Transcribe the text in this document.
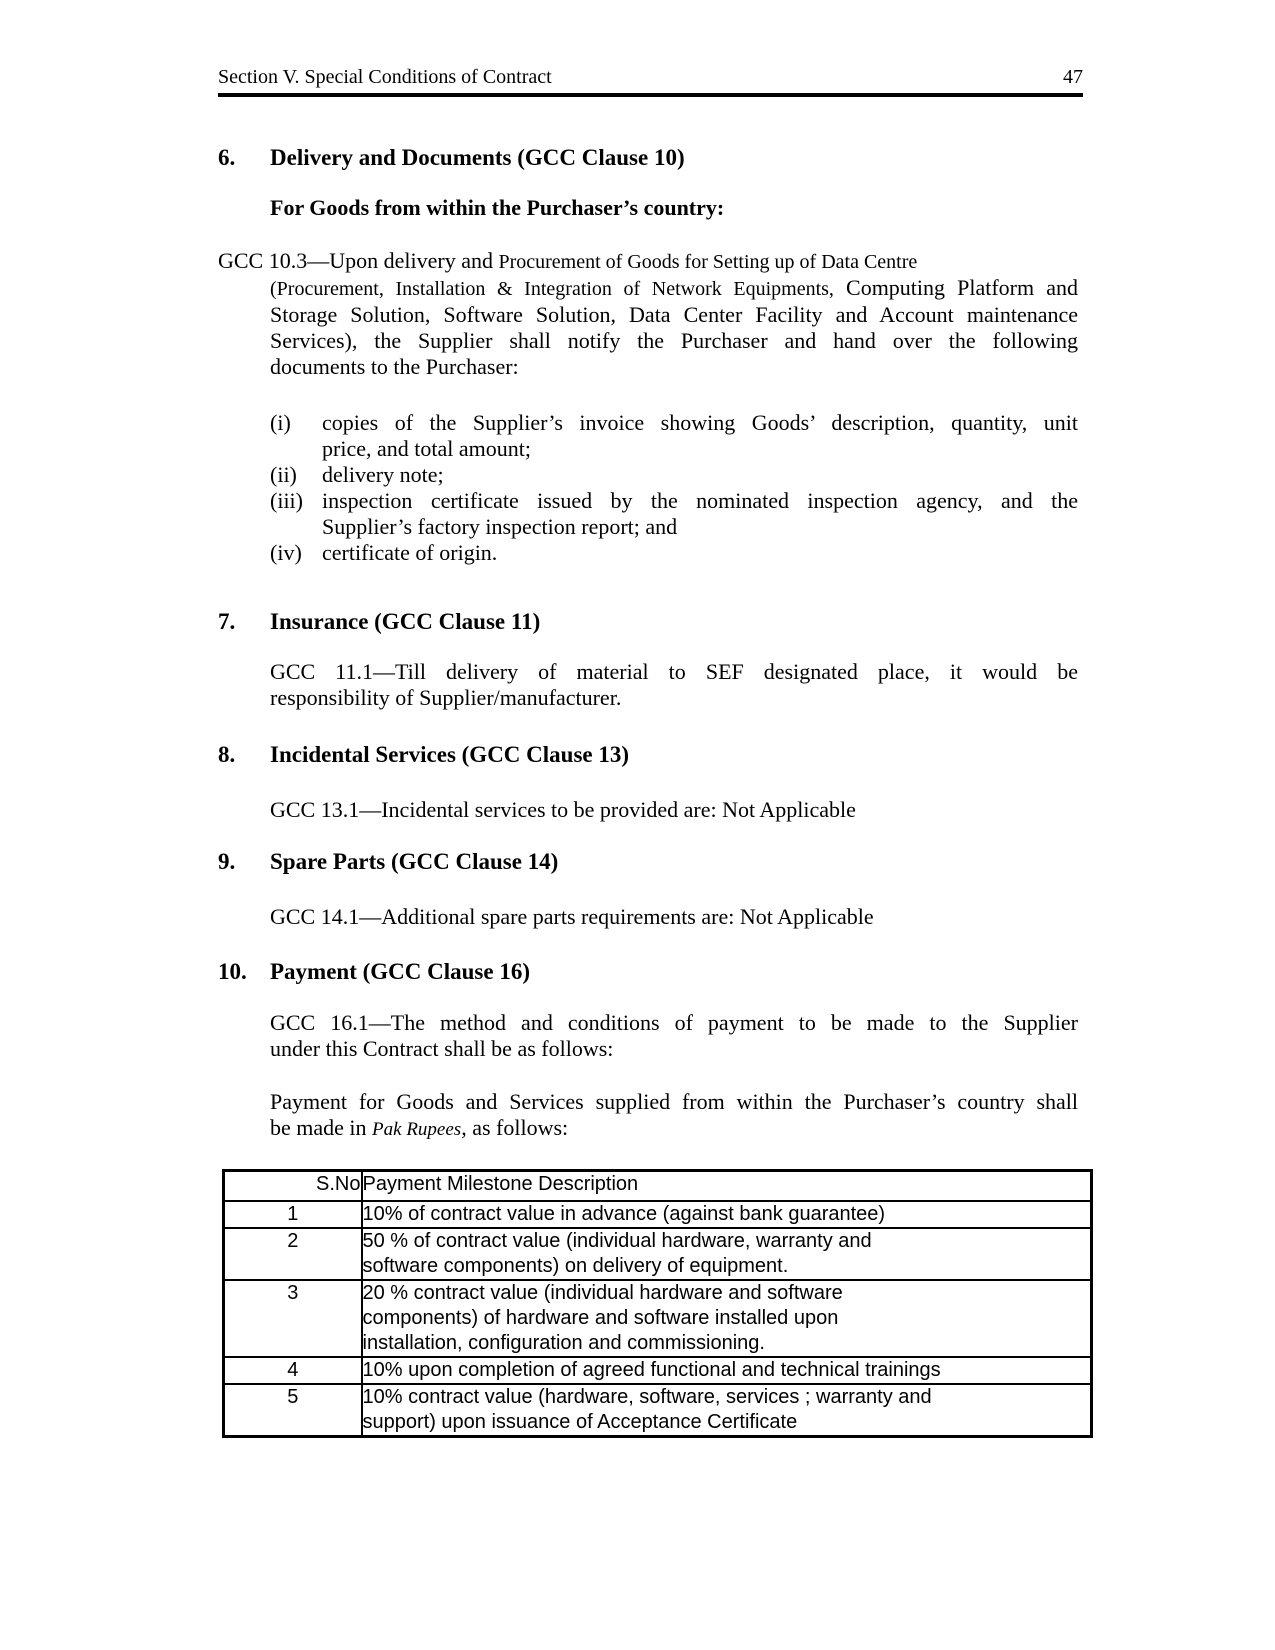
Section V. Special Conditions of Contract	47
6.	Delivery and Documents (GCC Clause 10)
For Goods from within the Purchaser’s country:
GCC 10.3—Upon delivery and Procurement of Goods for Setting up of Data Centre
(Procurement, Installation & Integration of Network Equipments, Computing Platform and
Storage Solution, Software Solution, Data Center Facility and Account maintenance
Services), the Supplier shall notify the Purchaser and hand over the following
documents to the Purchaser:
(i)	copies of the Supplier’s invoice showing Goods’ description, quantity, unit
price, and total amount;
(ii)	delivery note;
(iii) inspection certificate issued by the nominated inspection agency, and the
Supplier’s factory inspection report; and
(iv) certificate of origin.
7.	Insurance (GCC Clause 11)
GCC 11.1—Till delivery of material to SEF designated place, it would be
responsibility of Supplier/manufacturer.
8.	Incidental Services (GCC Clause 13)
GCC 13.1—Incidental services to be provided are: Not Applicable
9.	Spare Parts (GCC Clause 14)
GCC 14.1—Additional spare parts requirements are: Not Applicable
10.	Payment (GCC Clause 16)
GCC 16.1—The method and conditions of payment to be made to the Supplier
under this Contract shall be as follows:
Payment for Goods and Services supplied from within the Purchaser’s country shall
be made in Pak Rupees, as follows:
S.No	Payment Milestone Description
1	10% of contract value in advance (against bank guarantee)

2	50 % of contract value (individual hardware, warranty and
software components) on delivery of equipment.

3	20 % contract value (individual hardware and software
components) of hardware and software installed upon
installation, configuration and commissioning.

4	10% upon completion of agreed functional and technical trainings

5	10% contract value (hardware, software, services ; warranty and
support) upon issuance of Acceptance Certificate
